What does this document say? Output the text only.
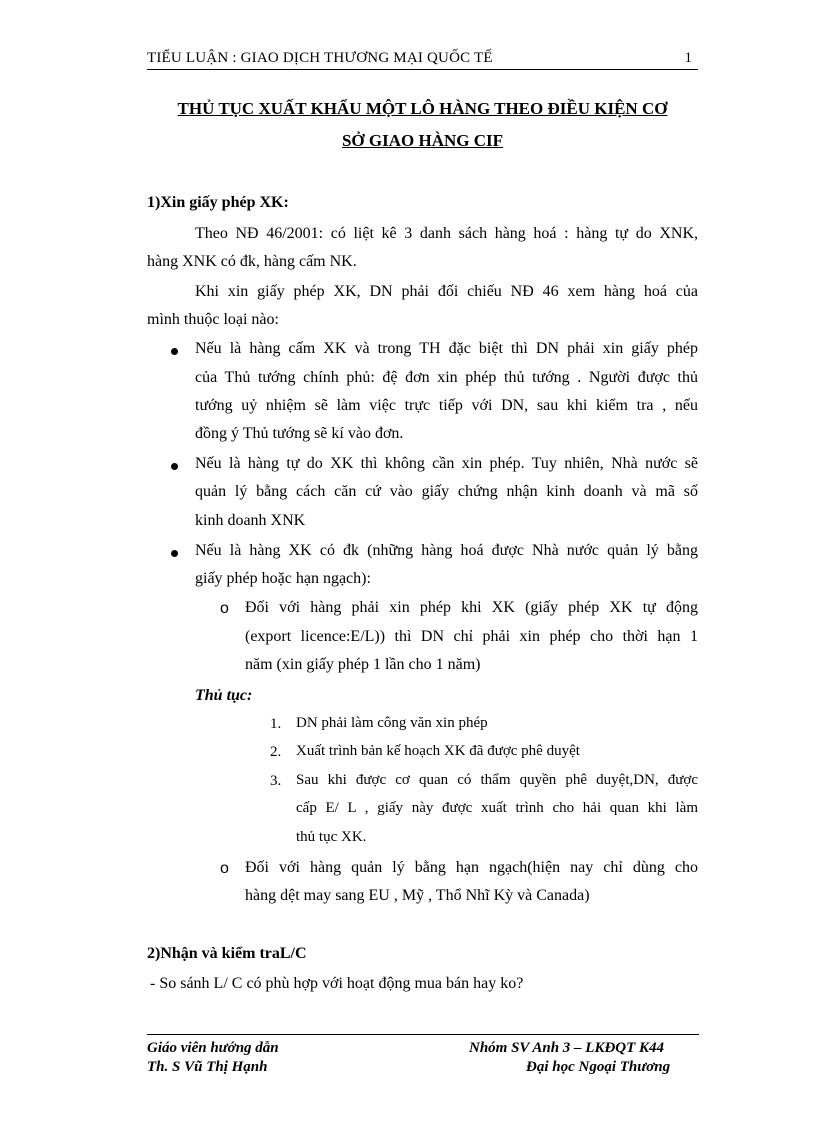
TIỂU LUẬN : GIAO DỊCH THƯƠNG MẠI QUỐC TẾ	1
THỦ TỤC XUẤT KHẨU MỘT LÔ HÀNG THEO ĐIỀU KIỆN CƠ
SỞ GIAO HÀNG CIF
1)Xin giấy phép XK:
Theo NĐ 46/2001: có liệt kê 3 danh sách hàng hoá : hàng tự do XNK,
hàng XNK có đk, hàng cấm NK.
Khi xin giấy phép XK, DN phải đối chiếu NĐ 46 xem hàng hoá của
mình thuộc loại nào:
Nếu là hàng cấm XK và trong TH đặc biệt thì DN phải xin giấy phép
của Thủ tướng chính phủ: đệ đơn xin phép thủ tướng . Người được thủ
tướng uỷ nhiệm sẽ làm việc trực tiếp với DN, sau khi kiểm tra , nếu
đồng ý Thủ tướng sẽ kí vào đơn.
Nếu là hàng tự do XK thì không cần xin phép. Tuy nhiên, Nhà nước sẽ
quản lý bằng cách căn cứ vào giấy chứng nhận kinh doanh và mã số
kinh doanh XNK
Nếu là hàng XK có đk (những hàng hoá được Nhà nước quản lý bằng
giấy phép hoặc hạn ngạch):
o Đối với hàng phải xin phép khi XK (giấy phép XK tự động
(export licence:E/L)) thì DN chỉ phải xin phép cho thời hạn 1
năm (xin giấy phép 1 lần cho 1 năm)
Thủ tục:
1. DN phải làm công văn xin phép
2. Xuất trình bản kế hoạch XK đã được phê duyệt
3. Sau khi được cơ quan có thẩm quyền phê duyệt,DN, được
cấp E/ L , giấy này được xuất trình cho hải quan khi làm
thủ tục XK.
o Đối với hàng quản lý bằng hạn ngạch(hiện nay chỉ dùng cho
hàng dệt may sang EU , Mỹ , Thổ Nhĩ Kỳ và Canada)
2)Nhận và kiểm traL/C
- So sánh L/ C có phù hợp với hoạt động mua bán hay ko?
Giáo viên hướng dẫn
Th. S Vũ Thị Hạnh
Nhóm SV Anh 3 – LKĐQT K44
Đại học Ngoại Thương
